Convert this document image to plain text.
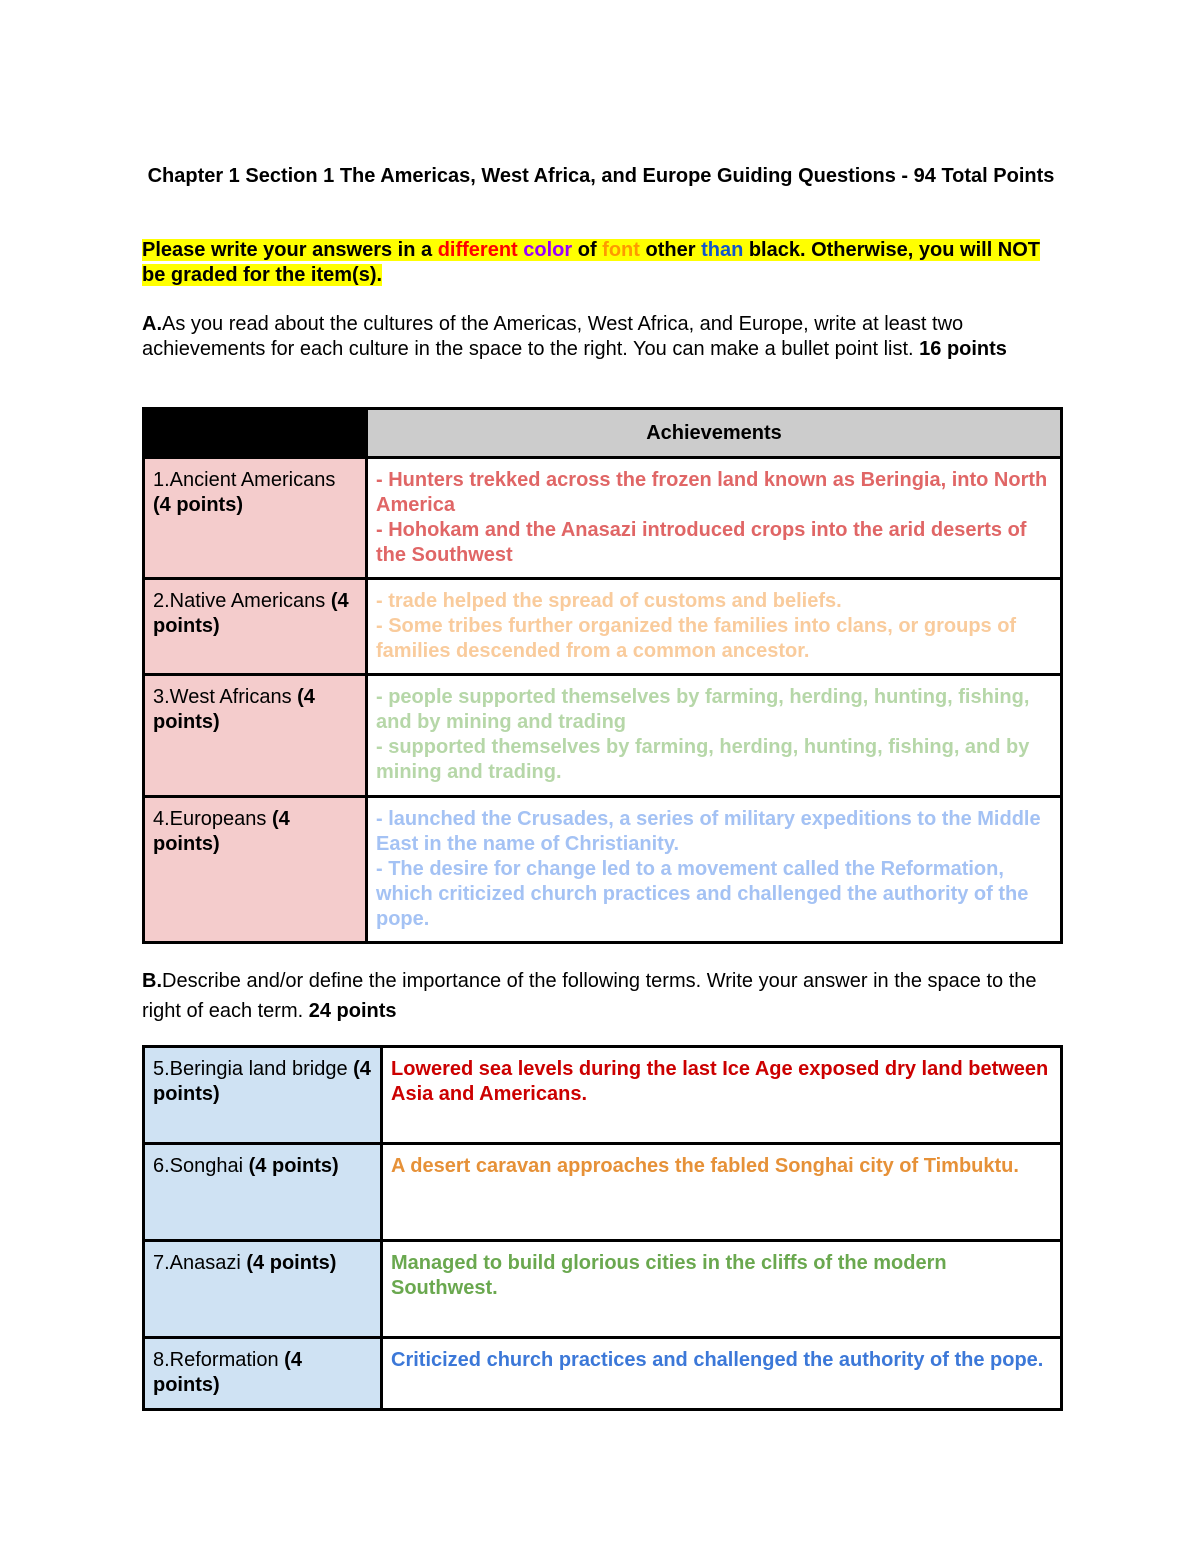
Chapter 1 Section 1 The Americas, West Africa, and Europe Guiding Questions - 94 Total Points
Please write your answers in a different color of font other than black. Otherwise, you will NOT be graded for the item(s).
A.As you read about the cultures of the Americas, West Africa, and Europe, write at least two achievements for each culture in the space to the right. You can make a bullet point list. 16 points
	Achievements
1.Ancient Americans (4 points)	- Hunters trekked across the frozen land known as Beringia, into North America

- Hohokam and the Anasazi introduced crops into the arid deserts of the Southwest

2.Native Americans (4 points)	- trade helped the spread of customs and beliefs.

- Some tribes further organized the families into clans, or groups of families descended from a common ancestor.

3.West Africans (4 points)	- people supported themselves by farming, herding, hunting, fishing, and by mining and trading

- supported themselves by farming, herding, hunting, fishing, and by mining and trading.

4.Europeans (4 points)	- launched the Crusades, a series of military expeditions to the Middle East in the name of Christianity.

- The desire for change led to a movement called the Reformation, which criticized church practices and challenged the authority of the pope.

B.Describe and/or define the importance of the following terms. Write your answer in the space to the right of each term. 24 points
5.Beringia land bridge (4 points)	Lowered sea levels during the last Ice Age exposed dry land between Asia and Americans.
6.Songhai (4 points)	A desert caravan approaches the fabled Songhai city of Timbuktu.
7.Anasazi (4 points)	Managed to build glorious cities in the cliffs of the modern Southwest.
8.Reformation (4 points)	Criticized church practices and challenged the authority of the pope.
